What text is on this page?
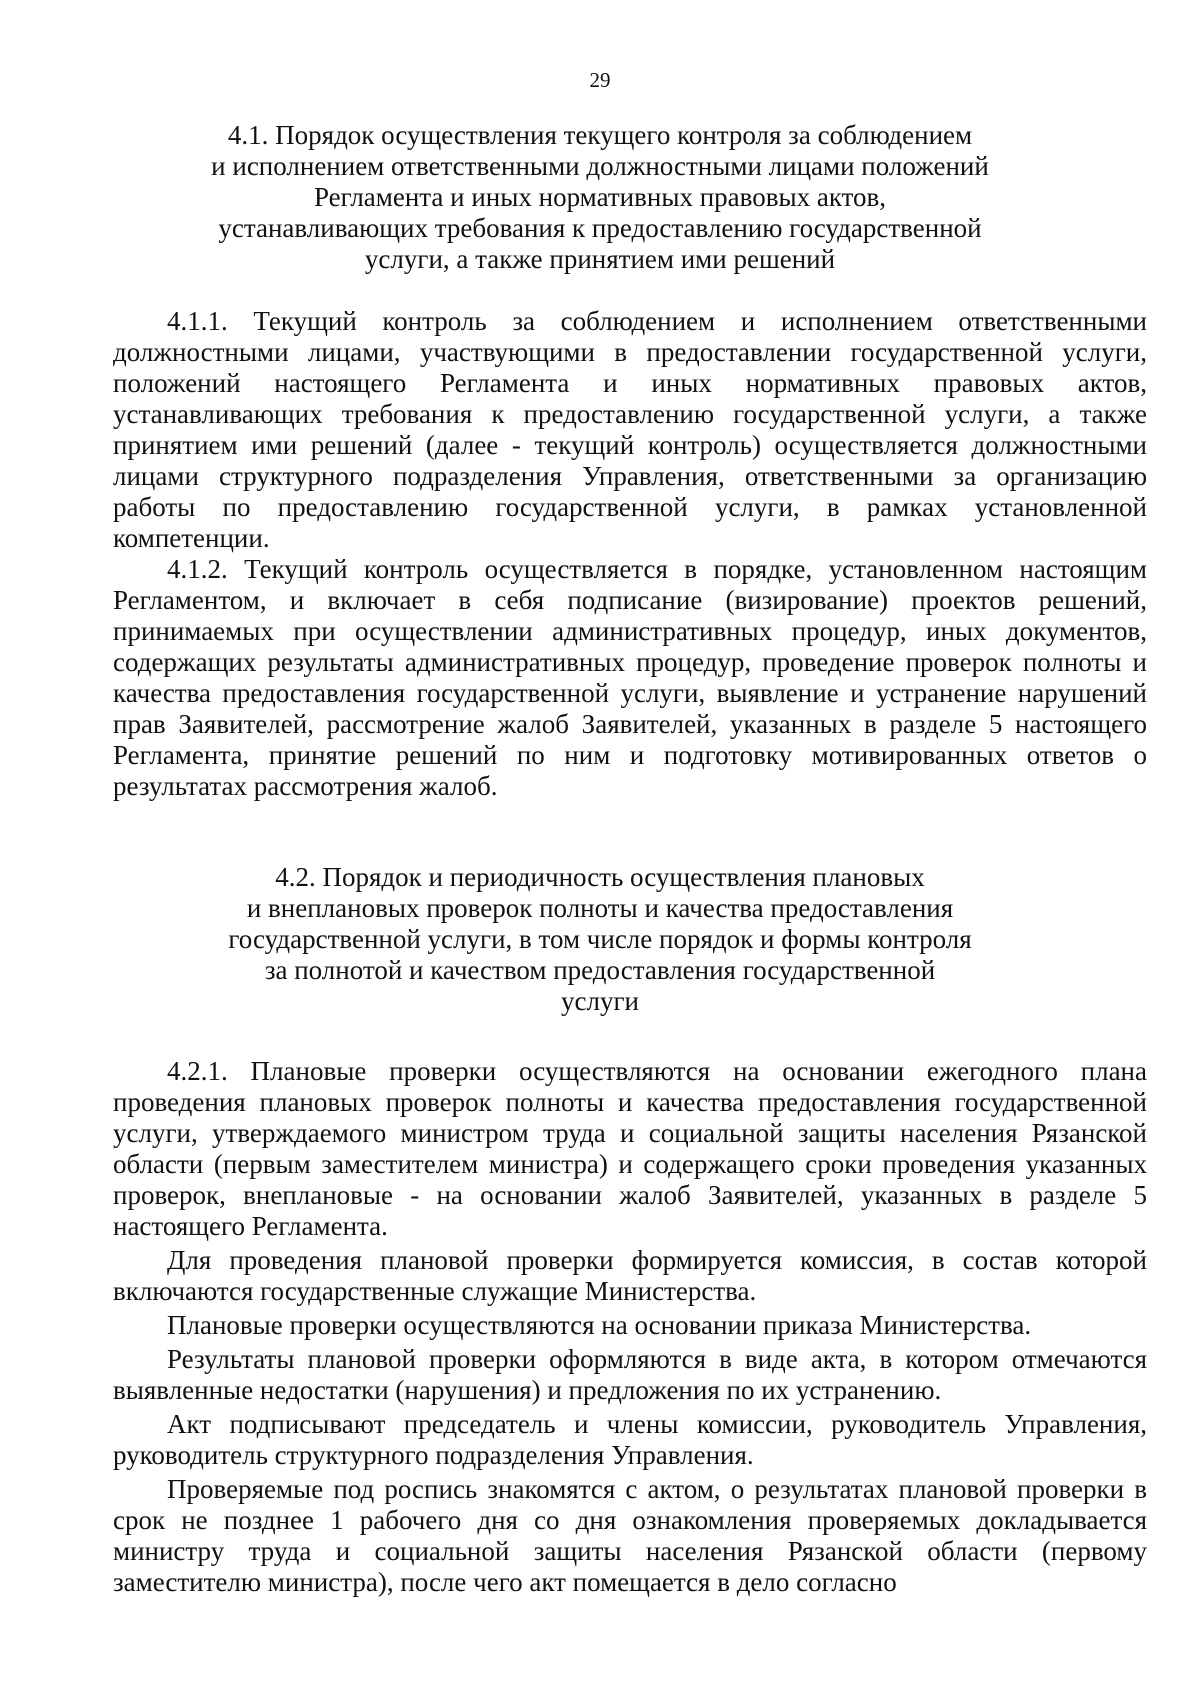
29
4.1. Порядок осуществления текущего контроля за соблюдением
и исполнением ответственными должностными лицами положений
Регламента и иных нормативных правовых актов,
устанавливающих требования к предоставлению государственной
услуги, а также принятием ими решений

4.1.1. Текущий контроль за соблюдением и исполнением ответственными должностными лицами, участвующими в предоставлении государственной услуги, положений настоящего Регламента и иных нормативных правовых актов, устанавливающих требования к предоставлению государственной услуги, а также принятием ими решений (далее - текущий контроль) осуществляется должностными лицами структурного подразделения Управления, ответственными за организацию работы по предоставлению государственной услуги, в рамках установленной компетенции.

4.1.2. Текущий контроль осуществляется в порядке, установленном настоящим Регламентом, и включает в себя подписание (визирование) проектов решений, принимаемых при осуществлении административных процедур, иных документов, содержащих результаты административных процедур, проведение проверок полноты и качества предоставления государственной услуги, выявление и устранение нарушений прав Заявителей, рассмотрение жалоб Заявителей, указанных в разделе 5 настоящего Регламента, принятие решений по ним и подготовку мотивированных ответов о результатах рассмотрения жалоб.

4.2. Порядок и периодичность осуществления плановых
и внеплановых проверок полноты и качества предоставления
государственной услуги, в том числе порядок и формы контроля
за полнотой и качеством предоставления государственной
услуги

4.2.1. Плановые проверки осуществляются на основании ежегодного плана проведения плановых проверок полноты и качества предоставления государственной услуги, утверждаемого министром труда и социальной защиты населения Рязанской области (первым заместителем министра) и содержащего сроки проведения указанных проверок, внеплановые - на основании жалоб Заявителей, указанных в разделе 5 настоящего Регламента.

Для проведения плановой проверки формируется комиссия, в состав которой включаются государственные служащие Министерства.

Плановые проверки осуществляются на основании приказа Министерства.

Результаты плановой проверки оформляются в виде акта, в котором отмечаются выявленные недостатки (нарушения) и предложения по их устранению.

Акт подписывают председатель и члены комиссии, руководитель Управления, руководитель структурного подразделения Управления.

Проверяемые под роспись знакомятся с актом, о результатах плановой проверки в срок не позднее 1 рабочего дня со дня ознакомления проверяемых докладывается министру труда и социальной защиты населения Рязанской области (первому заместителю министра), после чего акт помещается в дело согласно
